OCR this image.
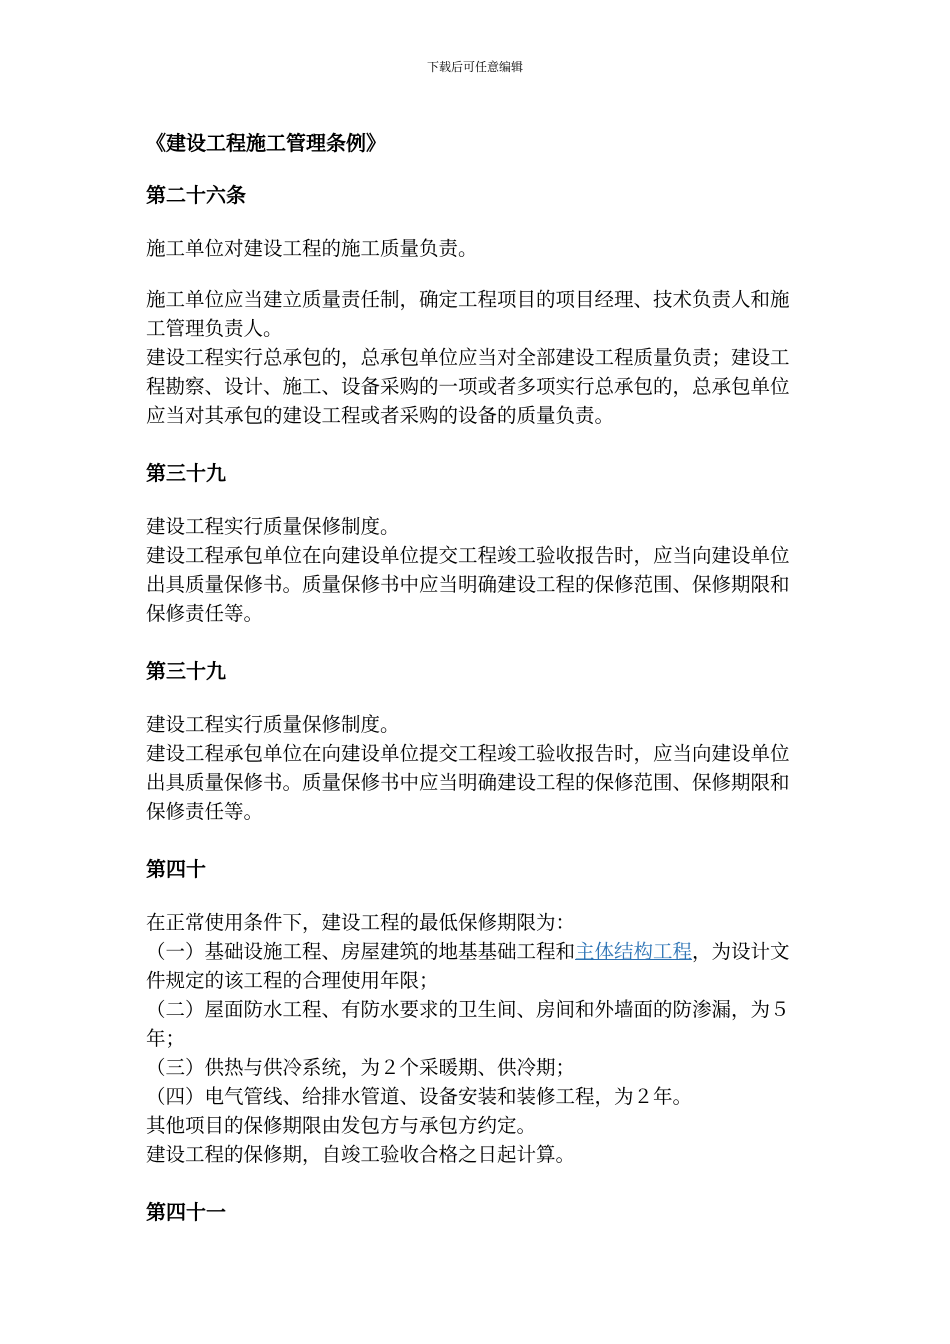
下载后可任意编辑
《建设工程施工管理条例》
第二十六条

施工单位对建设工程的施工质量负责。

施工单位应当建立质量责任制，确定工程项目的项目经理、技术负责人和施工管理负责人。

建设工程实行总承包的，总承包单位应当对全部建设工程质量负责；建设工程勘察、设计、施工、设备采购的一项或者多项实行总承包的，总承包单位应当对其承包的建设工程或者采购的设备的质量负责。

第三十九

建设工程实行质量保修制度。

建设工程承包单位在向建设单位提交工程竣工验收报告时，应当向建设单位出具质量保修书。质量保修书中应当明确建设工程的保修范围、保修期限和保修责任等。

第三十九

建设工程实行质量保修制度。

建设工程承包单位在向建设单位提交工程竣工验收报告时，应当向建设单位出具质量保修书。质量保修书中应当明确建设工程的保修范围、保修期限和保修责任等。

第四十

在正常使用条件下，建设工程的最低保修期限为：

（一）基础设施工程、房屋建筑的地基基础工程和主体结构工程，为设计文件规定的该工程的合理使用年限；

（二）屋面防水工程、有防水要求的卫生间、房间和外墙面的防渗漏，为５年；

（三）供热与供冷系统，为２个采暖期、供冷期；

（四）电气管线、给排水管道、设备安装和装修工程，为２年。

其他项目的保修期限由发包方与承包方约定。

建设工程的保修期，自竣工验收合格之日起计算。

第四十一
